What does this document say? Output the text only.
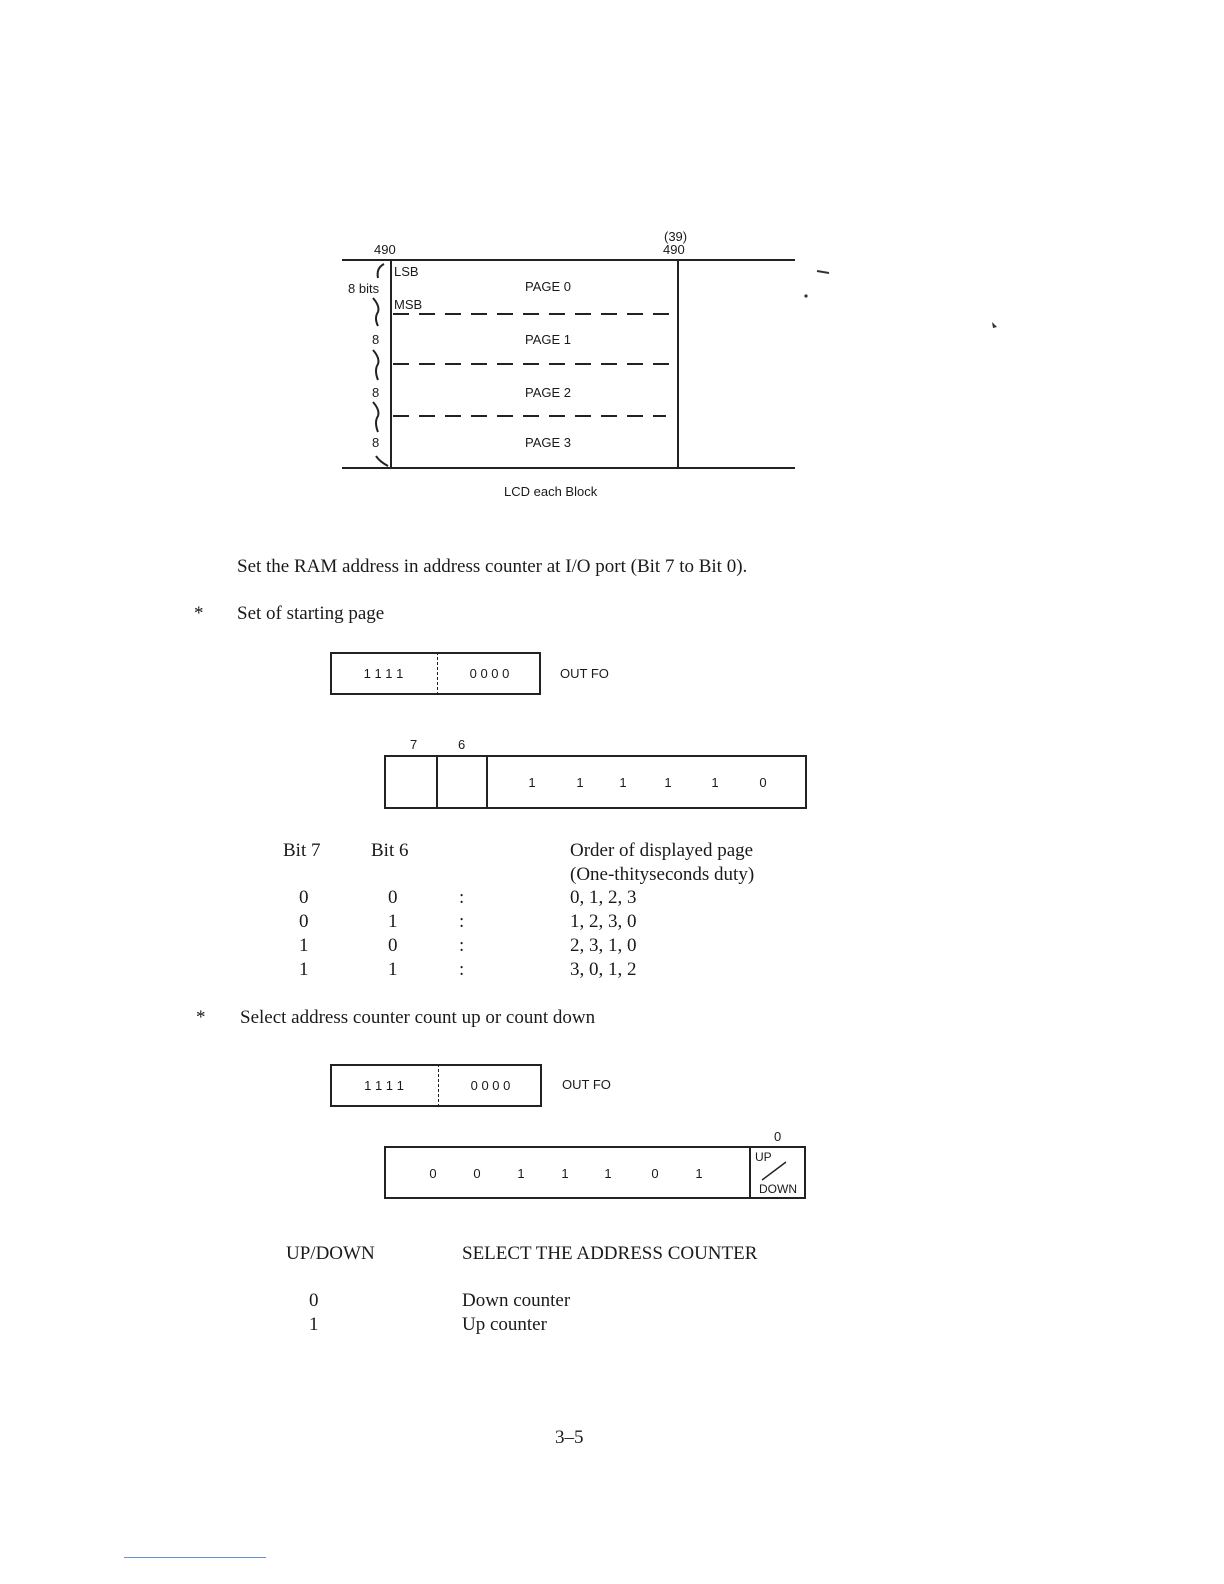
490
(39)
490
LSB
8 bits
MSB
8
8
8
PAGE 0
PAGE 1
PAGE 2
PAGE 3
LCD each Block
Set the RAM address in address counter at I/O port (Bit 7 to Bit 0).
* Set of starting page
1 1 1 1	0 0 0 0	OUT FO
7	6
1	1	1	1	1	0
Bit 7	Bit 6	Order of displayed page
(One-thityseconds duty)
0	0	:	0, 1, 2, 3
0	1	:	1, 2, 3, 0
1	0	:	2, 3, 1, 0
1	1	:	3, 0, 1, 2
* Select address counter count up or count down
1 1 1 1	0 0 0 0	OUT FO
0
0	0	1	1	1	0	1
UP
DOWN
UP/DOWN	SELECT THE ADDRESS COUNTER
0	Down counter
1	Up counter
3–5
